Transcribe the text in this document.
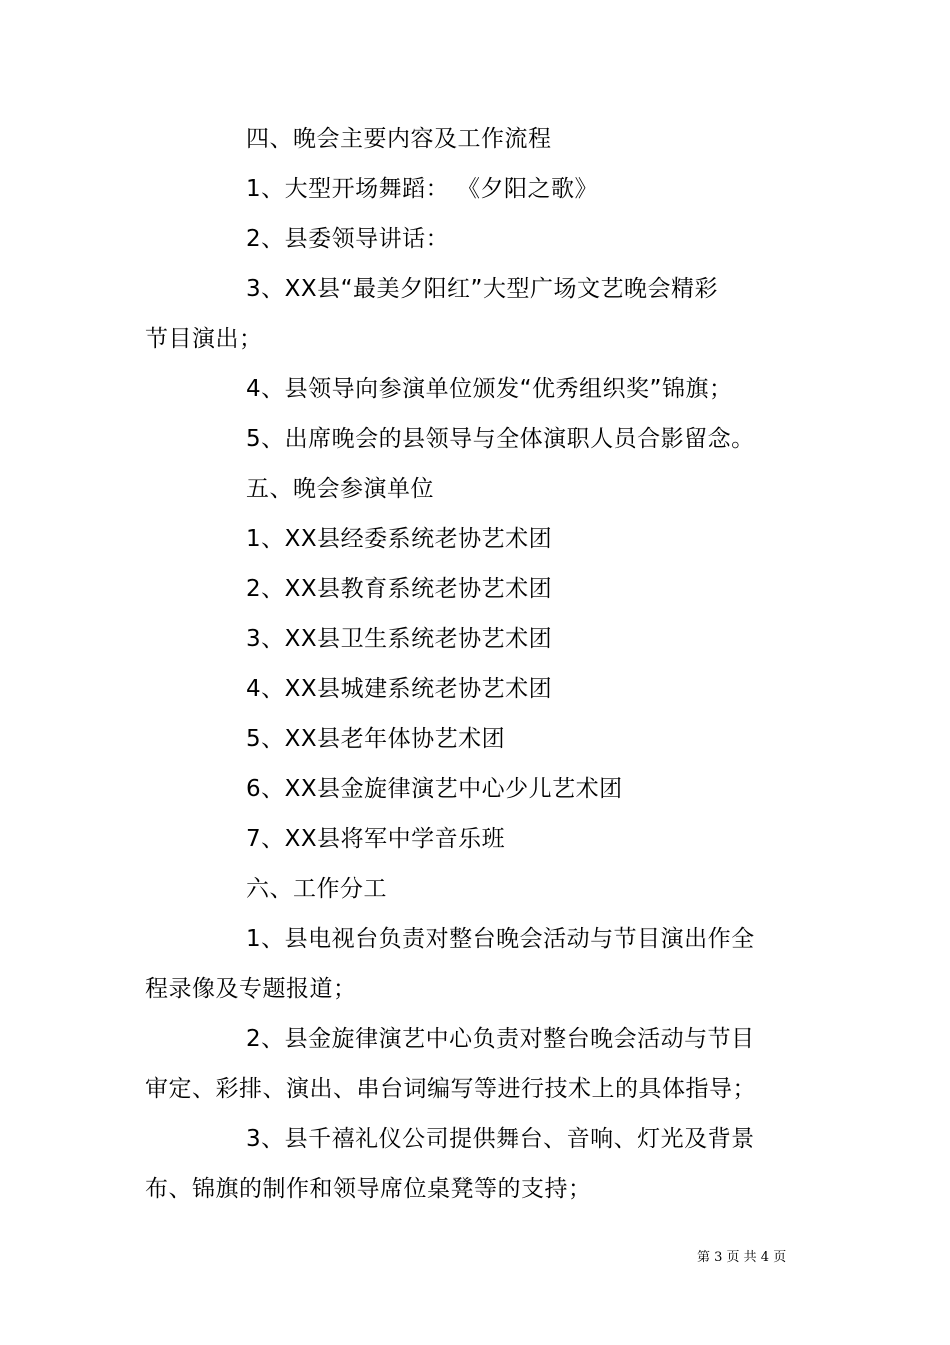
四、晚会主要内容及工作流程
1、大型开场舞蹈： 《夕阳之歌》
2、县委领导讲话：
3、XX县“最美夕阳红”大型广场文艺晚会精彩
节目演出；
4、县领导向参演单位颁发“优秀组织奖”锦旗；
5、出席晚会的县领导与全体演职人员合影留念。
五、晚会参演单位
1、XX县经委系统老协艺术团
2、XX县教育系统老协艺术团
3、XX县卫生系统老协艺术团
4、XX县城建系统老协艺术团
5、XX县老年体协艺术团
6、XX县金旋律演艺中心少儿艺术团
7、XX县将军中学音乐班
六、工作分工
1、县电视台负责对整台晚会活动与节目演出作全
程录像及专题报道；
2、县金旋律演艺中心负责对整台晚会活动与节目
审定、彩排、演出、串台词编写等进行技术上的具体指导；
3、县千禧礼仪公司提供舞台、音响、灯光及背景
布、锦旗的制作和领导席位桌凳等的支持；
第 3 页 共 4 页
